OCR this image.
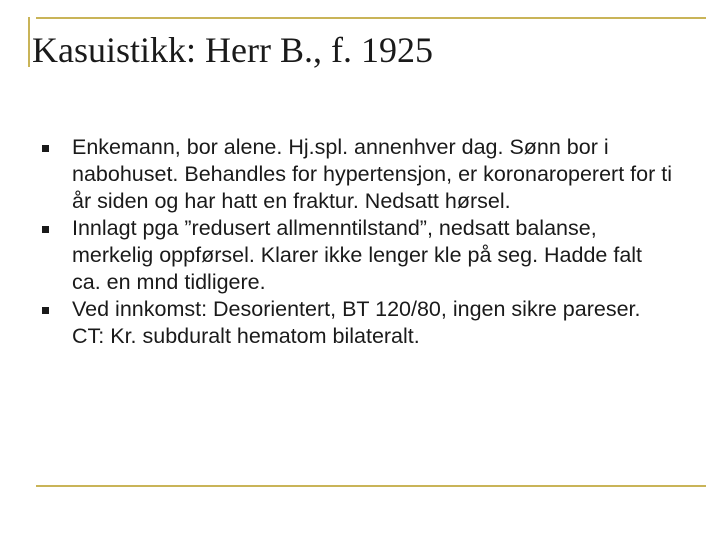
Kasuistikk: Herr B., f. 1925
Enkemann, bor alene. Hj.spl. annenhver dag. Sønn bor i nabohuset. Behandles for hypertensjon, er koronaroperert for ti år siden og har hatt en fraktur. Nedsatt hørsel.
Innlagt pga ”redusert allmenntilstand”, nedsatt balanse, merkelig oppførsel. Klarer ikke lenger kle på seg. Hadde falt ca. en mnd tidligere.
Ved innkomst: Desorientert, BT 120/80, ingen sikre pareser. CT: Kr. subduralt hematom bilateralt.
